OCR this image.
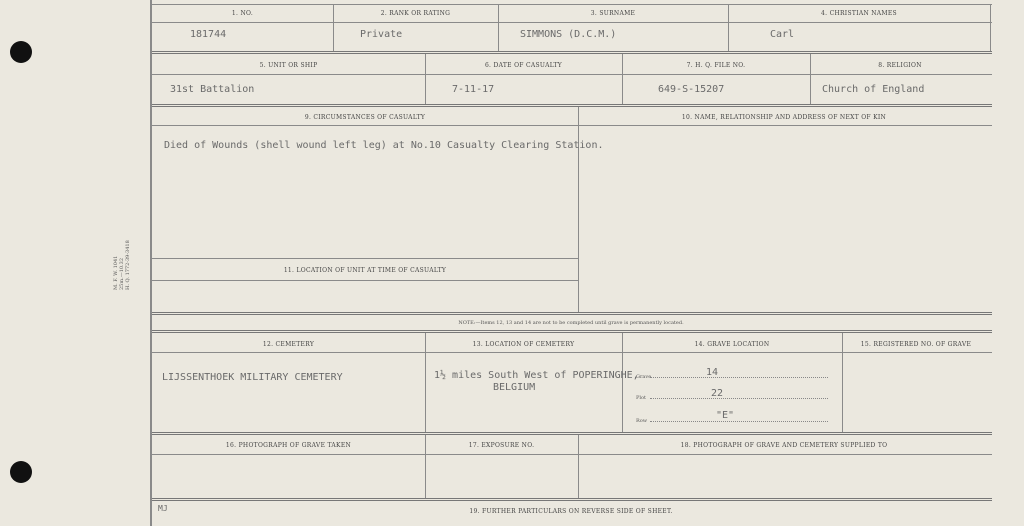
M. F. W. 1041 25m.—10.32 H. Q. 1772-39-3418
1. NO.	2. RANK OR RATING	3. SURNAME	4. CHRISTIAN NAMES
181744	Private	SIMMONS (D.C.M.)	Carl
5. UNIT OR SHIP	6. DATE OF CASUALTY	7. H. Q. FILE NO.	8. RELIGION
31st Battalion	7-11-17	649-S-15207	Church of England
9. CIRCUMSTANCES OF CASUALTY	10. NAME, RELATIONSHIP AND ADDRESS OF NEXT OF KIN
Died of Wounds (shell wound left leg) at No.10 Casualty Clearing Station.
11. LOCATION OF UNIT AT TIME OF CASUALTY
NOTE:—Items 12, 13 and 14 are not to be completed until grave is permanently located.
12. CEMETERY	13. LOCATION OF CEMETERY	14. GRAVE LOCATION	15. REGISTERED NO. OF GRAVE
LIJSSENTHOEK MILITARY CEMETERY	1½ miles South West of POPERINGHE,
BELGIUM
Grave	14
Plot	22
Row	"E"
16. PHOTOGRAPH OF GRAVE TAKEN	17. EXPOSURE NO.	18. PHOTOGRAPH OF GRAVE AND CEMETERY SUPPLIED TO
MJ	19. FURTHER PARTICULARS ON REVERSE SIDE OF SHEET.
